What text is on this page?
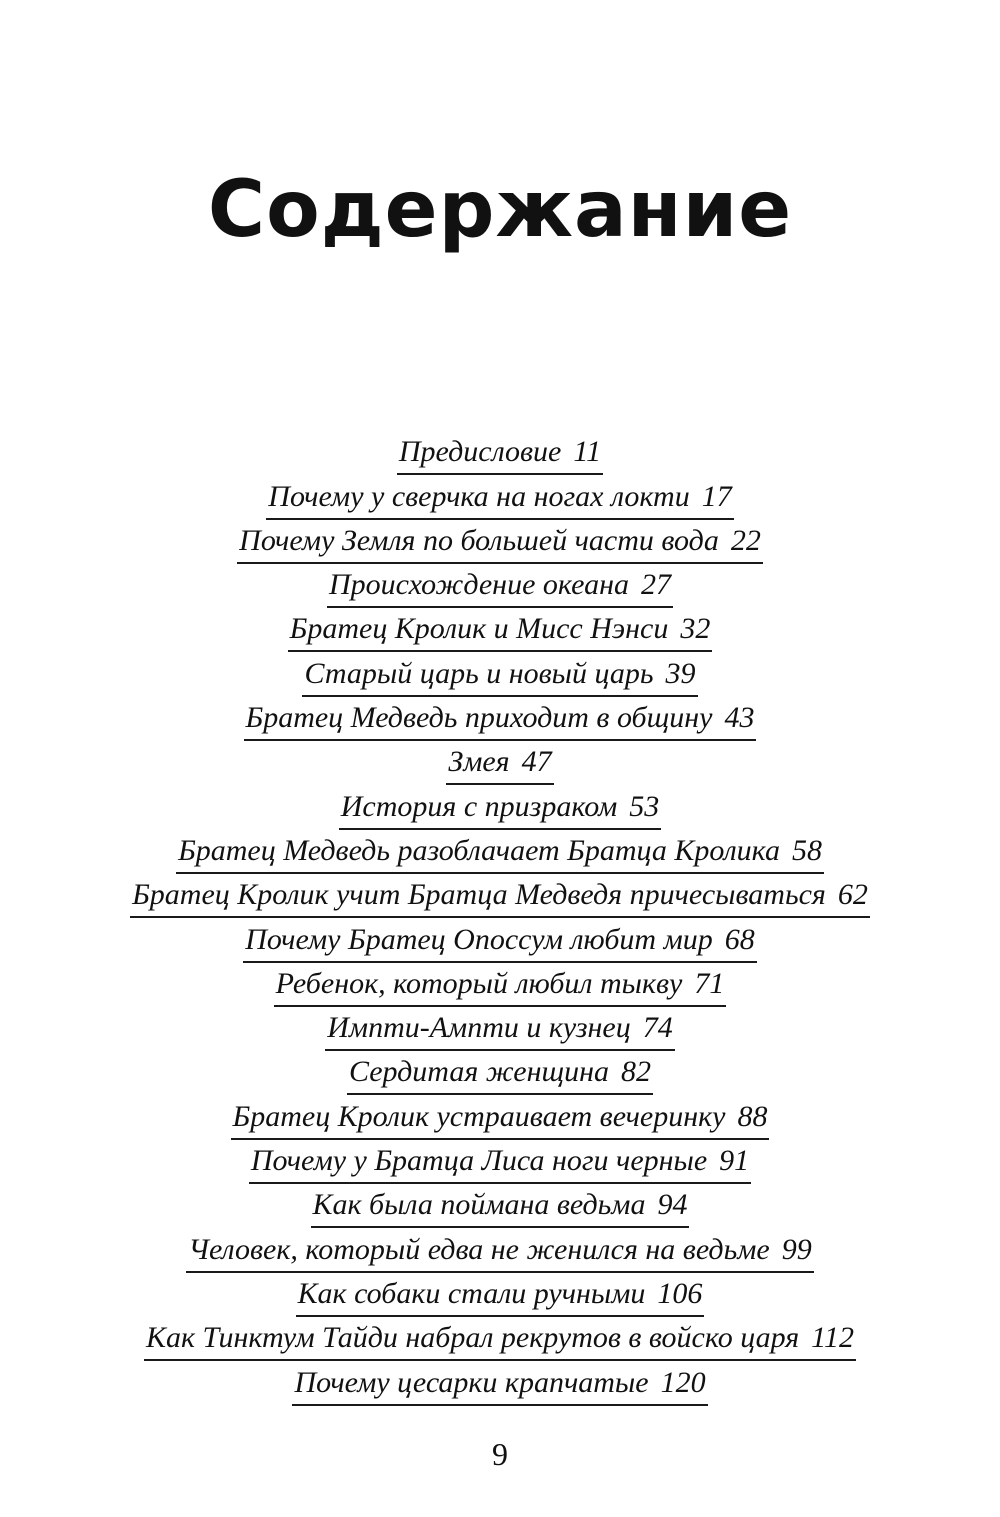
Содержание
Предисловие 11
Почему у сверчка на ногах локти 17
Почему Земля по большей части вода 22
Происхождение океана 27
Братец Кролик и Мисс Нэнси 32
Старый царь и новый царь 39
Братец Медведь приходит в общину 43
Змея 47
История с призраком 53
Братец Медведь разоблачает Братца Кролика 58
Братец Кролик учит Братца Медведя причесываться 62
Почему Братец Опоссум любит мир 68
Ребенок, который любил тыкву 71
Импти-Ампти и кузнец 74
Сердитая женщина 82
Братец Кролик устраивает вечеринку 88
Почему у Братца Лиса ноги черные 91
Как была поймана ведьма 94
Человек, который едва не женился на ведьме 99
Как собаки стали ручными 106
Как Тинктум Тайди набрал рекрутов в войско царя 112
Почему цесарки крапчатые 120
9
